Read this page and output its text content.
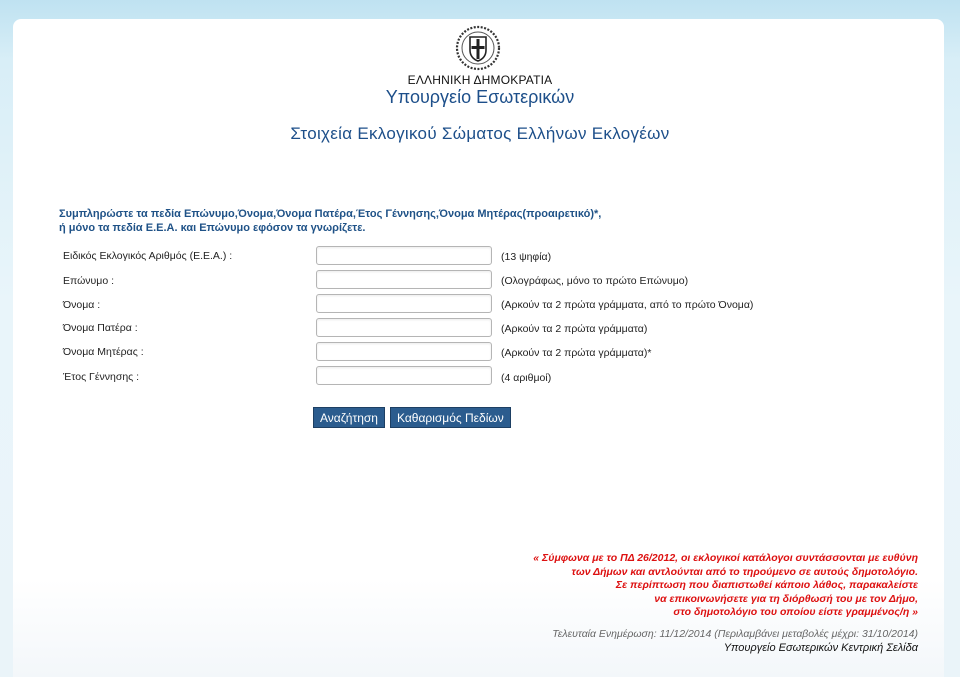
ΕΛΛΗΝΙΚΗ ΔΗΜΟΚΡΑΤΙΑ
Υπουργείο Εσωτερικών
Στοιχεία Εκλογικού Σώματος Ελλήνων Εκλογέων
Συμπληρώστε τα πεδία Επώνυμο,Όνομα,Όνομα Πατέρα,Έτος Γέννησης,Όνομα Μητέρας(προαιρετικό)*,
ή μόνο τα πεδία Ε.Ε.Α. και Επώνυμο εφόσον τα γνωρίζετε.
Ειδικός Εκλογικός Αριθμός (Ε.Ε.Α.) :	(13 ψηφία)
Επώνυμο :	(Ολογράφως, μόνο το πρώτο Επώνυμο)
Όνομα :	(Αρκούν τα 2 πρώτα γράμματα, από το πρώτο Όνομα)
Όνομα Πατέρα :	(Αρκούν τα 2 πρώτα γράμματα)
Όνομα Μητέρας :	(Αρκούν τα 2 πρώτα γράμματα)*
Έτος Γέννησης :	(4 αριθμοί)
Αναζήτηση	Καθαρισμός Πεδίων
« Σύμφωνα με το ΠΔ 26/2012, οι εκλογικοί κατάλογοι συντάσσονται με ευθύνη
των Δήμων και αντλούνται από το τηρούμενο σε αυτούς δημοτολόγιο.
Σε περίπτωση που διαπιστωθεί κάποιο λάθος, παρακαλείστε
να επικοινωνήσετε για τη διόρθωσή του με τον Δήμο,
στο δημοτολόγιο του οποίου είστε γραμμένος/η »
Τελευταία Ενημέρωση: 11/12/2014 (Περιλαμβάνει μεταβολές μέχρι: 31/10/2014)
Υπουργείο Εσωτερικών Κεντρική Σελίδα
